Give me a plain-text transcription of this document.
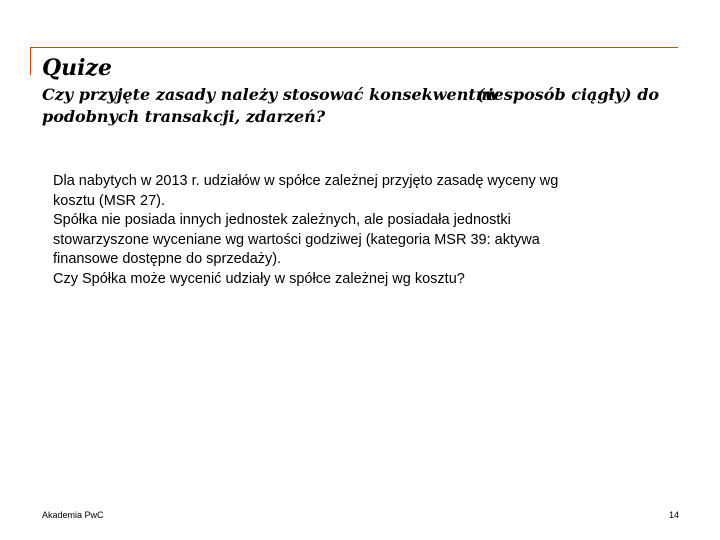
Quize
Czy przyjęte zasady należy stosować konsekwentnie
(w sposób ciągły) do
podobnych transakcji, zdarzeń?
Dla nabytych w 2013 r. udziałów w spółce zależnej przyjęto zasadę wyceny wg
kosztu (MSR 27).
Spółka nie posiada innych jednostek zależnych, ale posiadała jednostki
stowarzyszone wyceniane wg wartości godziwej (kategoria MSR 39: aktywa
finansowe dostępne do sprzedaży).
Czy Spółka może wycenić udziały w spółce zależnej wg kosztu?
Akademia PwC	14
